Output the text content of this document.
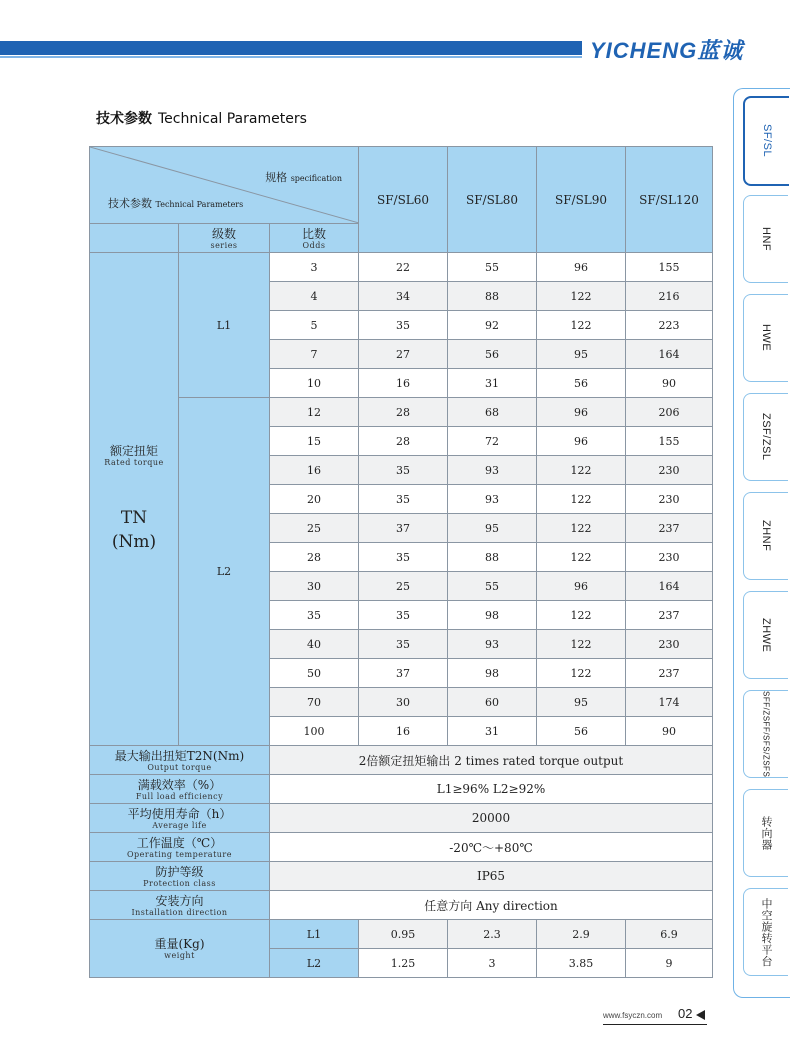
YICHENG蓝诚
技术参数 Technical Parameters
规格 specification
技术参数 Technical Parameters			SF/SL60	SF/SL80	SF/SL90	SF/SL120

	级数
series	比数
Odds				

额定扭矩
Rated torque

TN
(Nm)	L1	3	22	55	96	155
		4	34	88	122	216
		5	35	92	122	223
		7	27	56	95	164
		10	16	31	56	90
	L2	12	28	68	96	206
		15	28	72	96	155
		16	35	93	122	230
		20	35	93	122	230
		25	37	95	122	237
		28	35	88	122	230
		30	25	55	96	164
		35	35	98	122	237
		40	35	93	122	230
		50	37	98	122	237
		70	30	60	95	174
		100	16	31	56	90

最大输出扭矩T2N(Nm)
Output torque		2倍额定扭矩输出 2 times rated torque output				

满载效率（%）
Full load efficiency		L1≥96% L2≥92%				

平均使用寿命（h）
Average life		20000				

工作温度（℃）
Operating temperature		-20℃～+80℃				

防护等级
Protection class		IP65				

安装方向
Installation direction		任意方向 Any direction				

重量(Kg)
weight		L1	0.95	2.3	2.9	6.9
		L2	1.25	3	3.85	9
SF/SL
HNF
HWE
ZSF/ZSL
ZHNF
ZHWE
SFF/ZSFF/SFS/ZSFS
转向器
中空旋转平台
www.fsyczn.com 02
